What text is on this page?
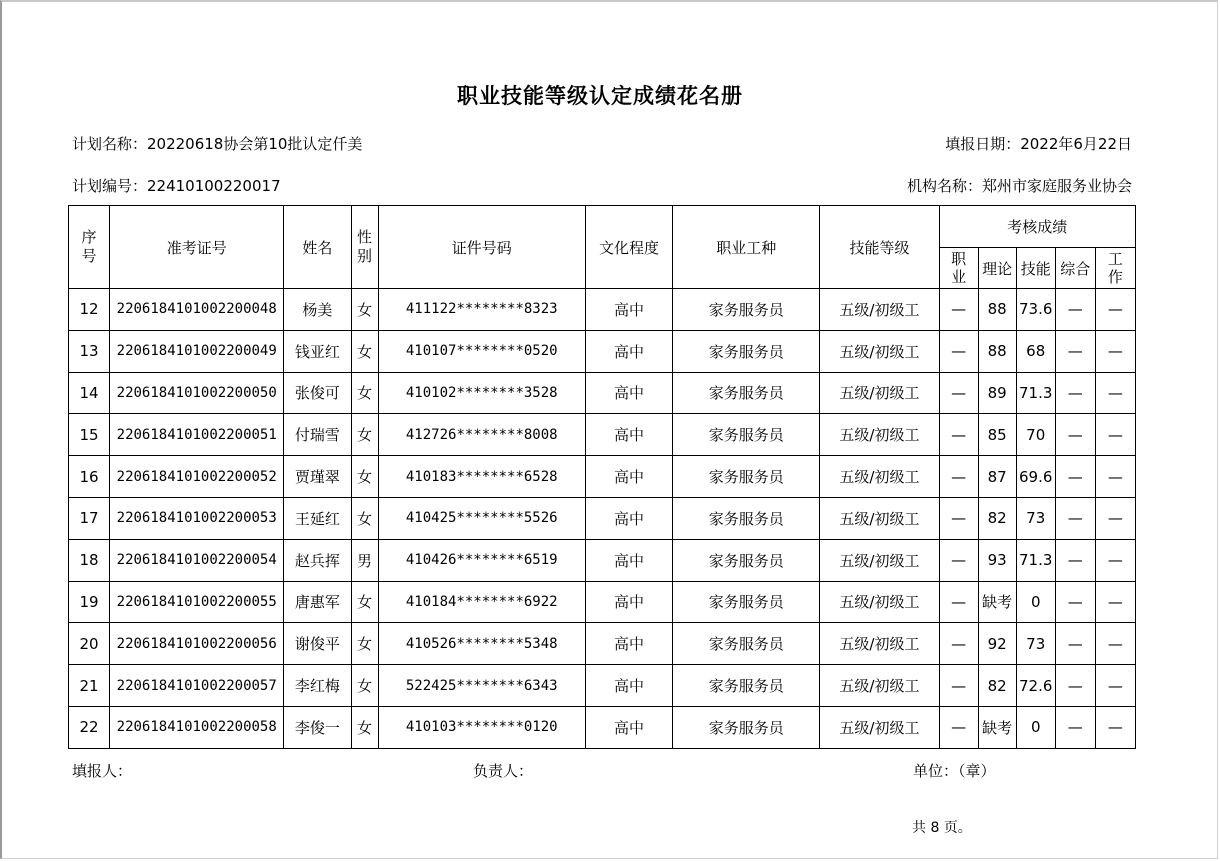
职业技能等级认定成绩花名册
计划名称：20220618协会第10批认定仟美	填报日期：2022年6月22日
计划编号：22410100220017	机构名称：郑州市家庭服务业协会
序号	准考证号	姓名	性别	证件号码	文化程度	职业工种	技能等级	考核成绩				

								职业	理论	技能	综合	工作

12	2206184101002200048	杨美	女	411122********8323	高中	家务服务员	五级/初级工	—	88	73.6	—	—
13	2206184101002200049	钱亚红	女	410107********0520	高中	家务服务员	五级/初级工	—	88	68	—	—
14	2206184101002200050	张俊可	女	410102********3528	高中	家务服务员	五级/初级工	—	89	71.3	—	—
15	2206184101002200051	付瑞雪	女	412726********8008	高中	家务服务员	五级/初级工	—	85	70	—	—
16	2206184101002200052	贾瑾翠	女	410183********6528	高中	家务服务员	五级/初级工	—	87	69.6	—	—
17	2206184101002200053	王延红	女	410425********5526	高中	家务服务员	五级/初级工	—	82	73	—	—
18	2206184101002200054	赵兵挥	男	410426********6519	高中	家务服务员	五级/初级工	—	93	71.3	—	—
19	2206184101002200055	唐惠军	女	410184********6922	高中	家务服务员	五级/初级工	—	缺考	0	—	—
20	2206184101002200056	谢俊平	女	410526********5348	高中	家务服务员	五级/初级工	—	92	73	—	—
21	2206184101002200057	李红梅	女	522425********6343	高中	家务服务员	五级/初级工	—	82	72.6	—	—
22	2206184101002200058	李俊一	女	410103********0120	高中	家务服务员	五级/初级工	—	缺考	0	—	—
填报人：	负责人：	单位：（章）
共 8 页。
